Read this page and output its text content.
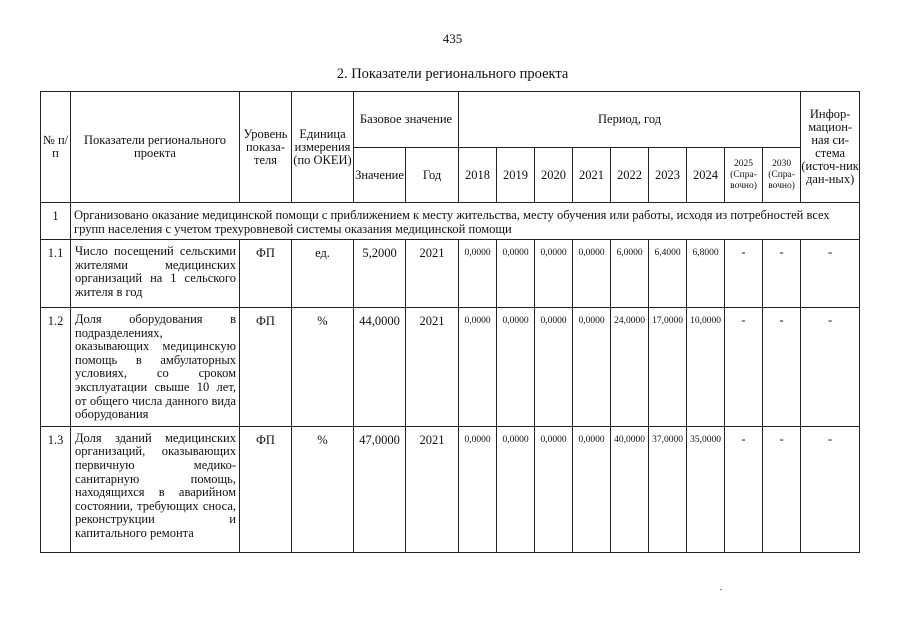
435
2. Показатели регионального проекта
№ п/п	Показатели регионального проекта	Уровень показа-теля	Единица измерения (по ОКЕИ)	Базовое значение		Период, год									Инфор-мацион-ная си-стема (источ-ник дан-ных)
				Значение	Год	2018	2019	2020	2021	2022	2023	2024	2025 (Спра-вочно)	2030 (Спра-вочно)	
1	Организовано оказание медицинской помощи с приближением к месту жительства, месту обучения или работы, исходя из потребностей всех групп населения с учетом трехуровневой системы оказания медицинской помощи														
1.1	Число посещений сельскими жителями медицинских организаций на 1 сельского жителя в год	ФП	ед.	5,2000	2021	0,0000	0,0000	0,0000	0,0000	6,0000	6,4000	6,8000	-	-	-
1.2	Доля оборудования в подразделениях, оказывающих медицинскую помощь в амбулаторных условиях, со сроком эксплуатации свыше 10 лет, от общего числа данного вида оборудования	ФП	%	44,0000	2021	0,0000	0,0000	0,0000	0,0000	24,0000	17,0000	10,0000	-	-	-
1.3	Доля зданий медицинских организаций, оказывающих первичную медико-санитарную помощь, находящихся в аварийном состоянии, требующих сноса, реконструкции и капитального ремонта	ФП	%	47,0000	2021	0,0000	0,0000	0,0000	0,0000	40,0000	37,0000	35,0000	-	-	-
